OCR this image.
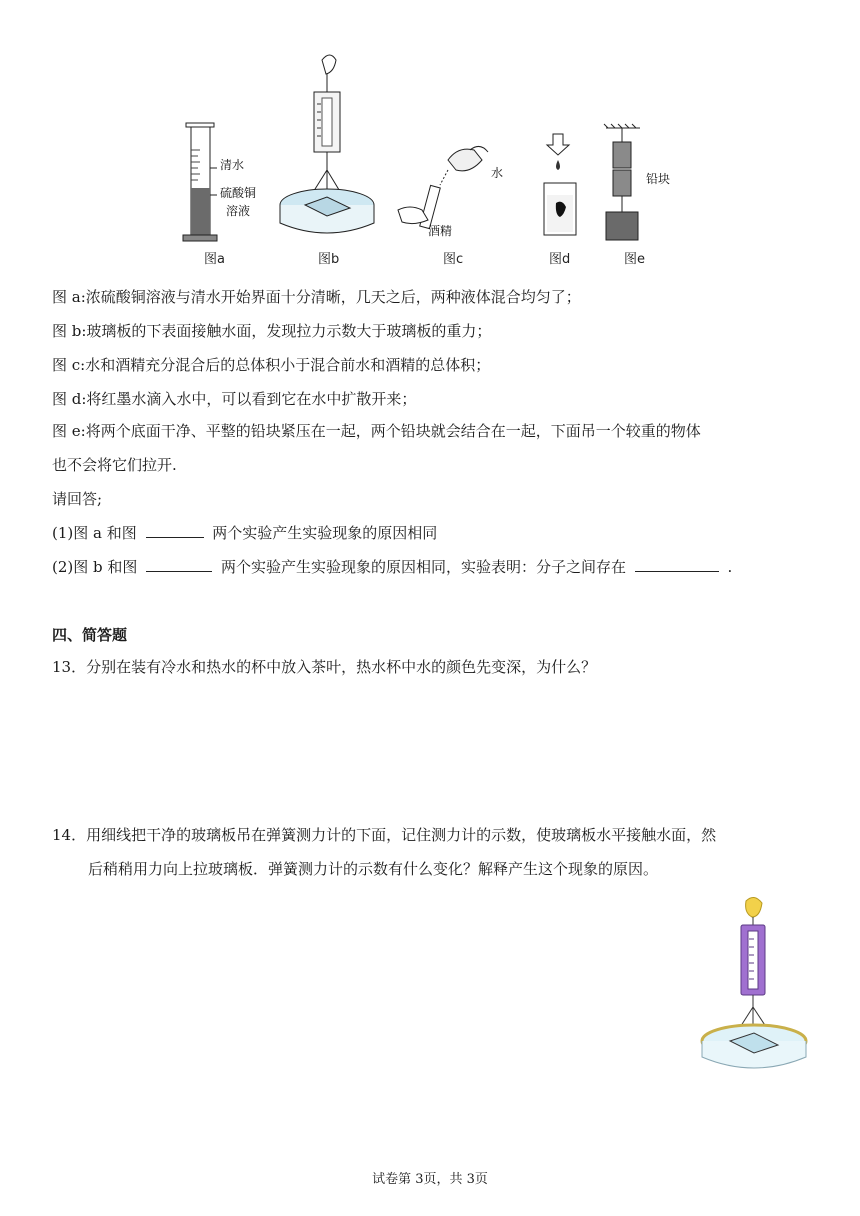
清水
硫酸铜
溶液
水
酒精
铅块
图a	图b	图c	图d	图e
图 a:浓硫酸铜溶液与清水开始界面十分清晰，几天之后，两种液体混合均匀了；
图 b:玻璃板的下表面接触水面，发现拉力示数大于玻璃板的重力；
图 c:水和酒精充分混合后的总体积小于混合前水和酒精的总体积；
图 d:将红墨水滴入水中，可以看到它在水中扩散开来；
图 e:将两个底面干净、平整的铅块紧压在一起，两个铅块就会结合在一起，下面吊一个较重的物体
也不会将它们拉开.
请回答;
(1)图 a 和图	两个实验产生实验现象的原因相同
(2)图 b 和图	两个实验产生实验现象的原因相同，实验表明：分子之间存在	.
四、简答题
13．分别在装有冷水和热水的杯中放入茶叶，热水杯中水的颜色先变深，为什么？
14．用细线把干净的玻璃板吊在弹簧测力计的下面，记住测力计的示数，使玻璃板水平接触水面，然
后稍稍用力向上拉玻璃板．弹簧测力计的示数有什么变化？解释产生这个现象的原因。
试卷第 3页，共 3页
